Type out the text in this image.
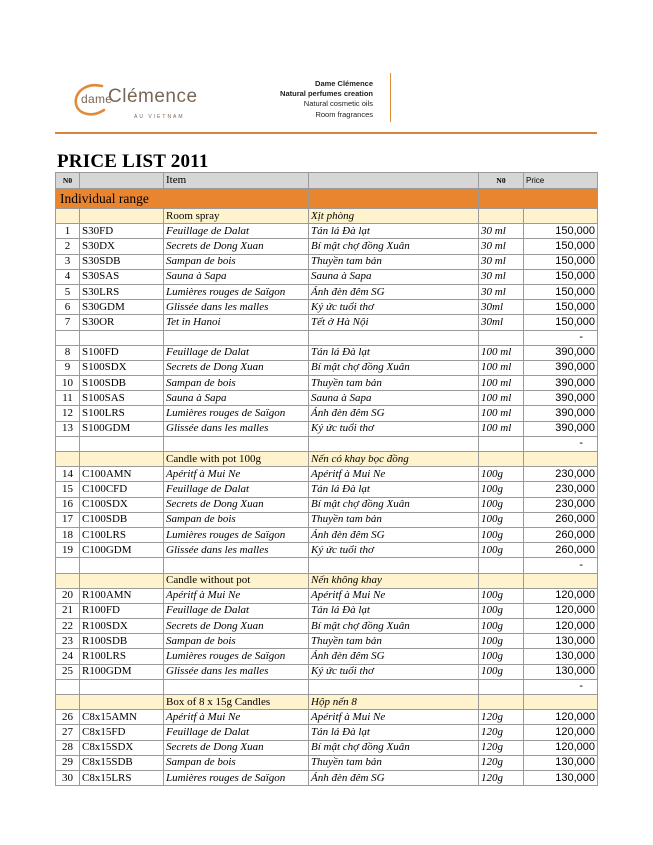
dame
Clémence
AU VIETNAM
Dame Clémence
Natural perfumes creation
Natural cosmetic oils
Room fragrances
PRICE LIST 2011
N0		Item		N0	Price
Individual range					
		Room spray	Xịt phòng		
1	S30FD	Feuillage de Dalat	Tán lá Đà lạt	30 ml	150,000
2	S30DX	Secrets de Dong Xuan	Bí mật chợ đồng Xuân	30 ml	150,000
3	S30SDB	Sampan de bois	Thuyền tam bản	30 ml	150,000
4	S30SAS	Sauna à Sapa	Sauna à Sapa	30 ml	150,000
5	S30LRS	Lumières rouges de Saïgon	Ánh đèn đêm SG	30 ml	150,000
6	S30GDM	Glissée dans les malles	Ký ức tuổi thơ	30ml	150,000
7	S30OR	Tet in Hanoi	Tết ở Hà Nội	30ml	150,000
					-
8	S100FD	Feuillage de Dalat	Tán lá Đà lạt	100 ml	390,000
9	S100SDX	Secrets de Dong Xuan	Bí mật chợ đồng Xuân	100 ml	390,000
10	S100SDB	Sampan de bois	Thuyền tam bản	100 ml	390,000
11	S100SAS	Sauna à Sapa	Sauna à Sapa	100 ml	390,000
12	S100LRS	Lumières rouges de Saïgon	Ánh đèn đêm SG	100 ml	390,000
13	S100GDM	Glissée dans les malles	Ký ức tuổi thơ	100 ml	390,000
					-
		Candle with pot 100g	Nến có khay bọc đồng		
14	C100AMN	Apéritf à Mui Ne	Apéritf à Mui Ne	100g	230,000
15	C100CFD	Feuillage de Dalat	Tán lá Đà lạt	100g	230,000
16	C100SDX	Secrets de Dong Xuan	Bí mật chợ đồng Xuân	100g	230,000
17	C100SDB	Sampan de bois	Thuyền tam bản	100g	260,000
18	C100LRS	Lumières rouges de Saïgon	Ánh đèn đêm SG	100g	260,000
19	C100GDM	Glissée dans les malles	Ký ức tuổi thơ	100g	260,000
					-
		Candle without pot	Nến không khay		
20	R100AMN	Apéritf à Mui Ne	Apéritf à Mui Ne	100g	120,000
21	R100FD	Feuillage de Dalat	Tán lá Đà lạt	100g	120,000
22	R100SDX	Secrets de Dong Xuan	Bí mật chợ đồng Xuân	100g	120,000
23	R100SDB	Sampan de bois	Thuyền tam bản	100g	130,000
24	R100LRS	Lumières rouges de Saïgon	Ánh đèn đêm SG	100g	130,000
25	R100GDM	Glissée dans les malles	Ký ức tuổi thơ	100g	130,000
					-
		Box of 8 x 15g Candles	Hộp nến 8		
26	C8x15AMN	Apéritf à Mui Ne	Apéritf à Mui Ne	120g	120,000
27	C8x15FD	Feuillage de Dalat	Tán lá Đà lạt	120g	120,000
28	C8x15SDX	Secrets de Dong Xuan	Bí mật chợ đồng Xuân	120g	120,000
29	C8x15SDB	Sampan de bois	Thuyền tam bản	120g	130,000
30	C8x15LRS	Lumières rouges de Saïgon	Ánh đèn đêm SG	120g	130,000
